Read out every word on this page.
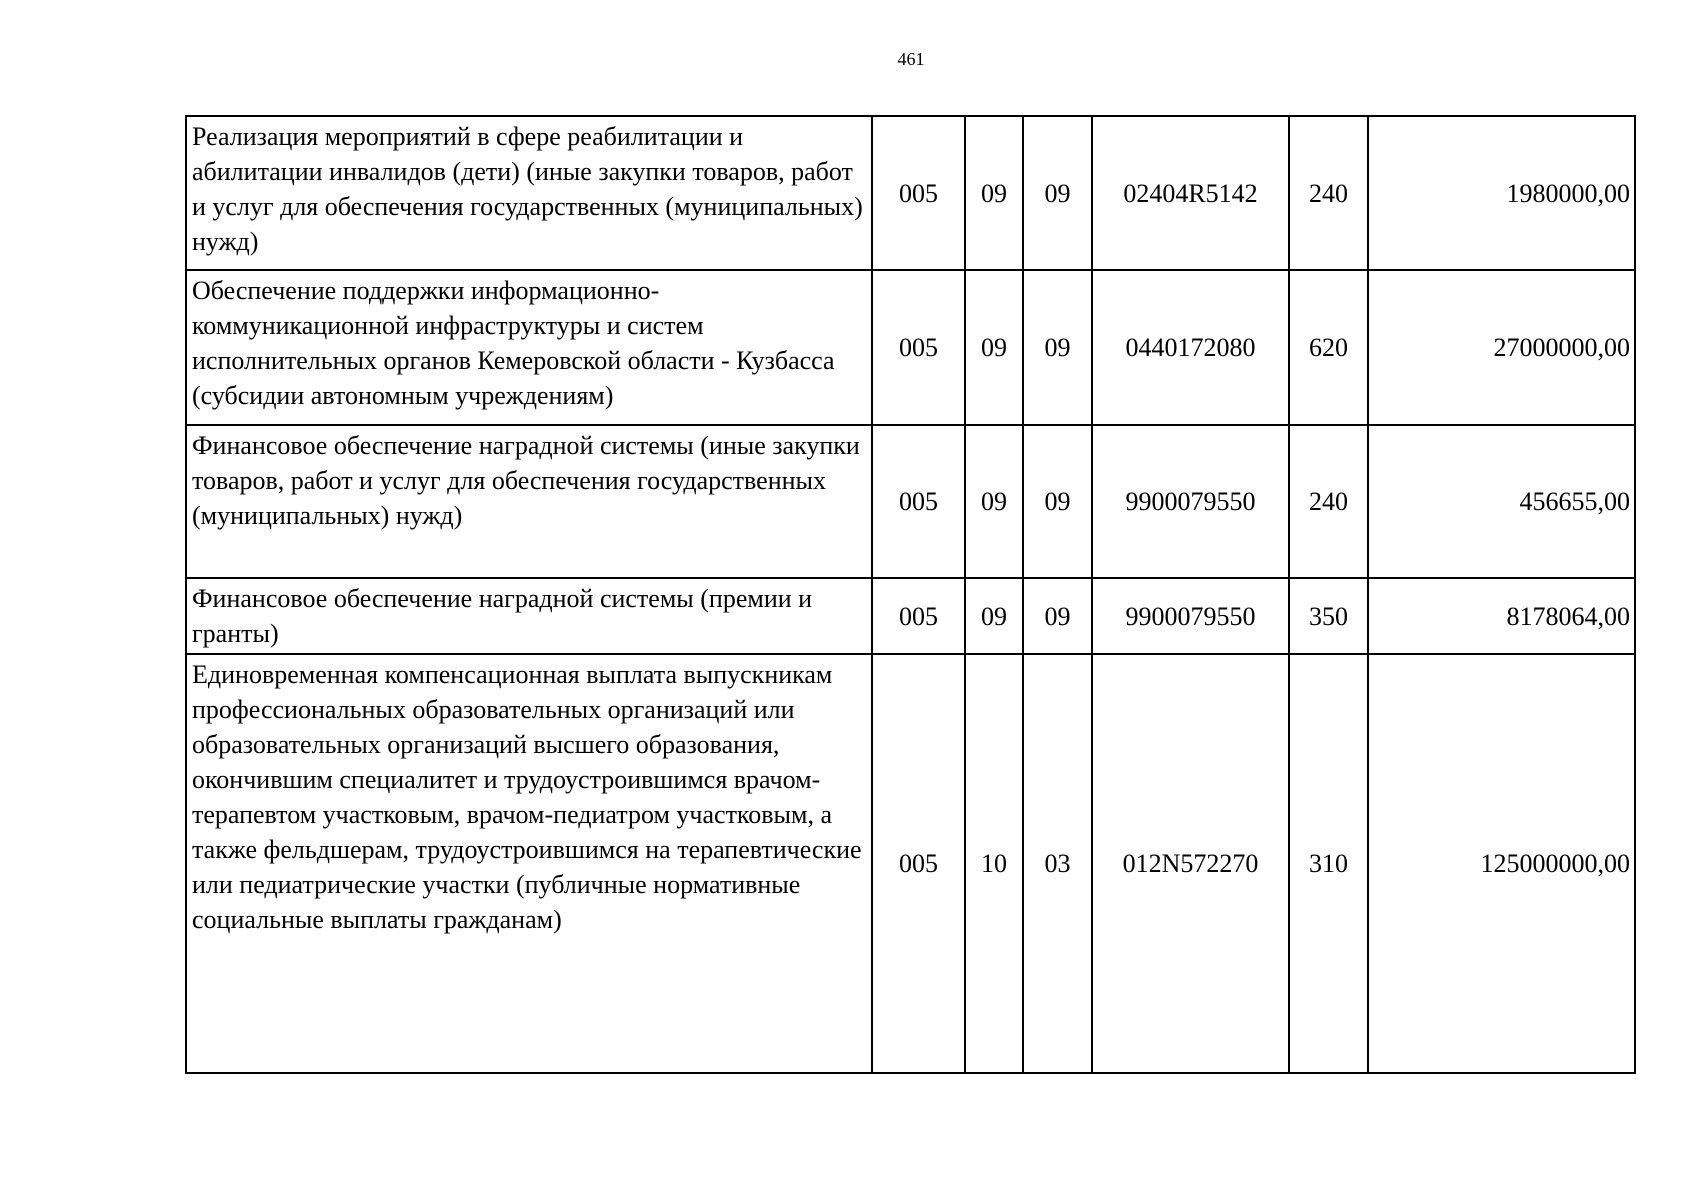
461
Реализация мероприятий в сфере реабилитации и абилитации инвалидов (дети) (иные закупки товаров, работ и услуг для обеспечения государственных (муниципальных) нужд)	005	09	09	02404R5142	240	1980000,00
Обеспечение поддержки информационно-коммуникационной инфраструктуры и систем исполнительных органов Кемеровской области - Кузбасса (субсидии автономным учреждениям)	005	09	09	0440172080	620	27000000,00
Финансовое обеспечение наградной системы (иные закупки товаров, работ и услуг для обеспечения государственных (муниципальных) нужд)	005	09	09	9900079550	240	456655,00
Финансовое обеспечение наградной системы (премии и гранты)	005	09	09	9900079550	350	8178064,00
Единовременная компенсационная выплата выпускникам профессиональных образовательных организаций или образовательных организаций высшего образования, окончившим специалитет и трудоустроившимся врачом-терапевтом участковым, врачом-педиатром участковым, а также фельдшерам, трудоустроившимся на терапевтические или педиатрические участки (публичные нормативные социальные выплаты гражданам)	005	10	03	012N572270	310	125000000,00
